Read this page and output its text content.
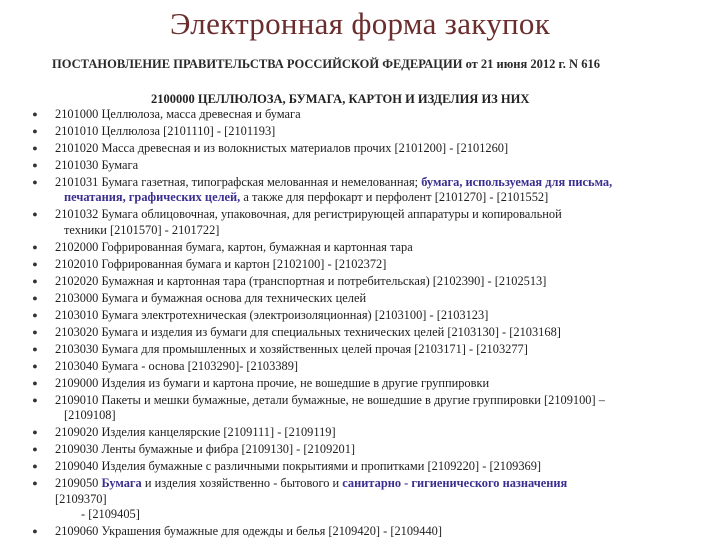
Электронная форма закупок
ПОСТАНОВЛЕНИЕ ПРАВИТЕЛЬСТВА РОССИЙСКОЙ ФЕДЕРАЦИИ от 21 июня 2012 г. N 616
2100000 ЦЕЛЛЮЛОЗА, БУМАГА, КАРТОН И ИЗДЕЛИЯ ИЗ НИХ
● 2101000 Целлюлоза, масса древесная и бумага
● 2101010 Целлюлоза [2101110] - [2101193]
● 2101020 Масса древесная и из волокнистых материалов прочих [2101200] - [2101260]
● 2101030 Бумага
● 2101031 Бумага газетная, типографская мелованная и немелованная; бумага, используемая для письма,
печатания, графических целей, а также для перфокарт и перфолент [2101270] - [2101552]
● 2101032 Бумага облицовочная, упаковочная, для регистрирующей аппаратуры и копировальной
техники [2101570] - 2101722]
● 2102000 Гофрированная бумага, картон, бумажная и картонная тара
● 2102010 Гофрированная бумага и картон [2102100] - [2102372]
● 2102020 Бумажная и картонная тара (транспортная и потребительская) [2102390] - [2102513]
● 2103000 Бумага и бумажная основа для технических целей
● 2103010 Бумага электротехническая (электроизоляционная) [2103100] - [2103123]
● 2103020 Бумага и изделия из бумаги для специальных технических целей [2103130] - [2103168]
● 2103030 Бумага для промышленных и хозяйственных целей прочая [2103171] - [2103277]
● 2103040 Бумага - основа [2103290]- [2103389]
● 2109000 Изделия из бумаги и картона прочие, не вошедшие в другие группировки
● 2109010 Пакеты и мешки бумажные, детали бумажные, не вошедшие в другие группировки [2109100] –
[2109108]
● 2109020 Изделия канцелярские [2109111] - [2109119]
● 2109030 Ленты бумажные и фибра [2109130] - [2109201]
● 2109040 Изделия бумажные с различными покрытиями и пропитками [2109220] - [2109369]
● 2109050 Бумага и изделия хозяйственно - бытового и санитарно - гигиенического назначения
[2109370]
- [2109405]
● 2109060 Украшения бумажные для одежды и белья [2109420] - [2109440]
